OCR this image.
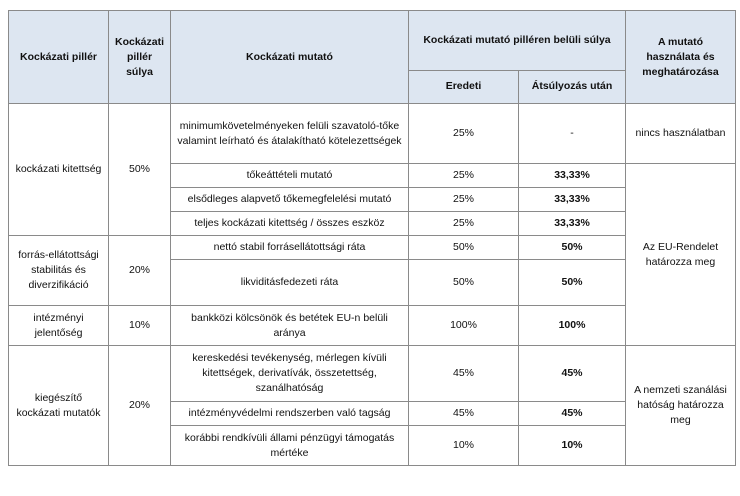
Kockázati pillér	Kockázati pillér súlya	Kockázati mutató	Kockázati mutató pilléren belüli súlya		A mutató használata és meghatározása
			Eredeti	Átsúlyozás után	
kockázati kitettség	50%	minimumkövetelményeken felüli szavatoló-tőke valamint leírható és átalakítható kötelezettségek	25%	-	nincs használatban
		tőkeáttételi mutató	25%	33,33%	Az EU-Rendelet határozza meg
		elsődleges alapvető tőkemegfelelési mutató	25%	33,33%	
		teljes kockázati kitettség / összes eszköz	25%	33,33%	
forrás-ellátottsági stabilitás és diverzifikáció	20%	nettó stabil forrásellátottsági ráta	50%	50%	
		likviditásfedezeti ráta	50%	50%	
intézményi jelentőség	10%	bankközi kölcsönök és betétek EU-n belüli aránya	100%	100%	
kiegészítő kockázati mutatók	20%	kereskedési tevékenység, mérlegen kívüli kitettségek, derivatívák, összetettség, szanálhatóság	45%	45%	A nemzeti szanálási hatóság határozza meg
		intézményvédelmi rendszerben való tagság	45%	45%	
		korábbi rendkívüli állami pénzügyi támogatás mértéke	10%	10%	
